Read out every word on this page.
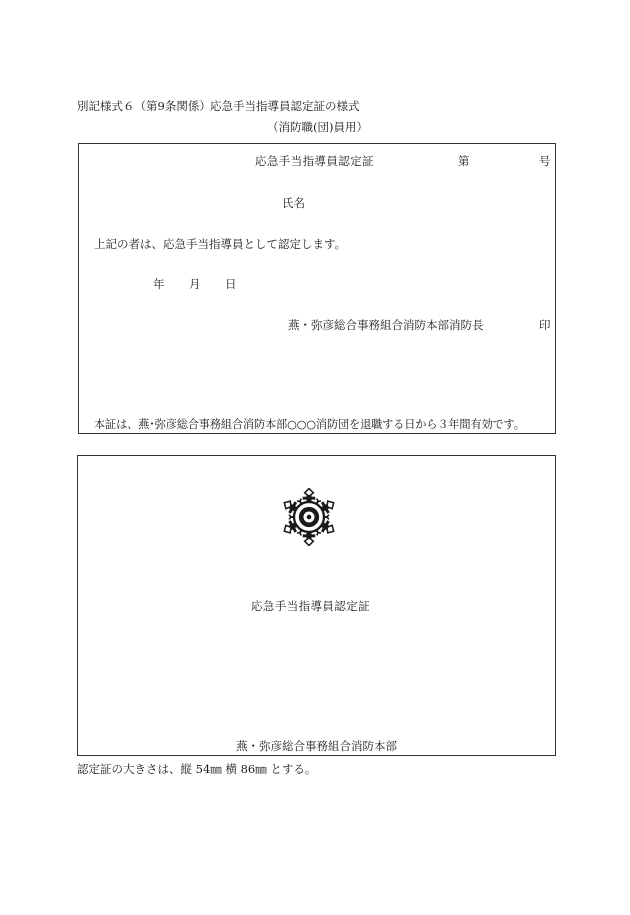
別記様式６（第9条関係） 応急手当指導員認定証の様式
（消防職(団)員用）
応急手当指導員認定証	第	号
氏名
上記の者は、応急手当指導員として認定します。
年 月 日
燕・弥彦総合事務組合消防本部消防長	印
本証は、燕･弥彦総合事務組合消防本部○○○消防団を退職する日から３年間有効です。
応急手当指導員認定証
燕・弥彦総合事務組合消防本部
認定証の大きさは、縦 54㎜ 横 86㎜ とする。
